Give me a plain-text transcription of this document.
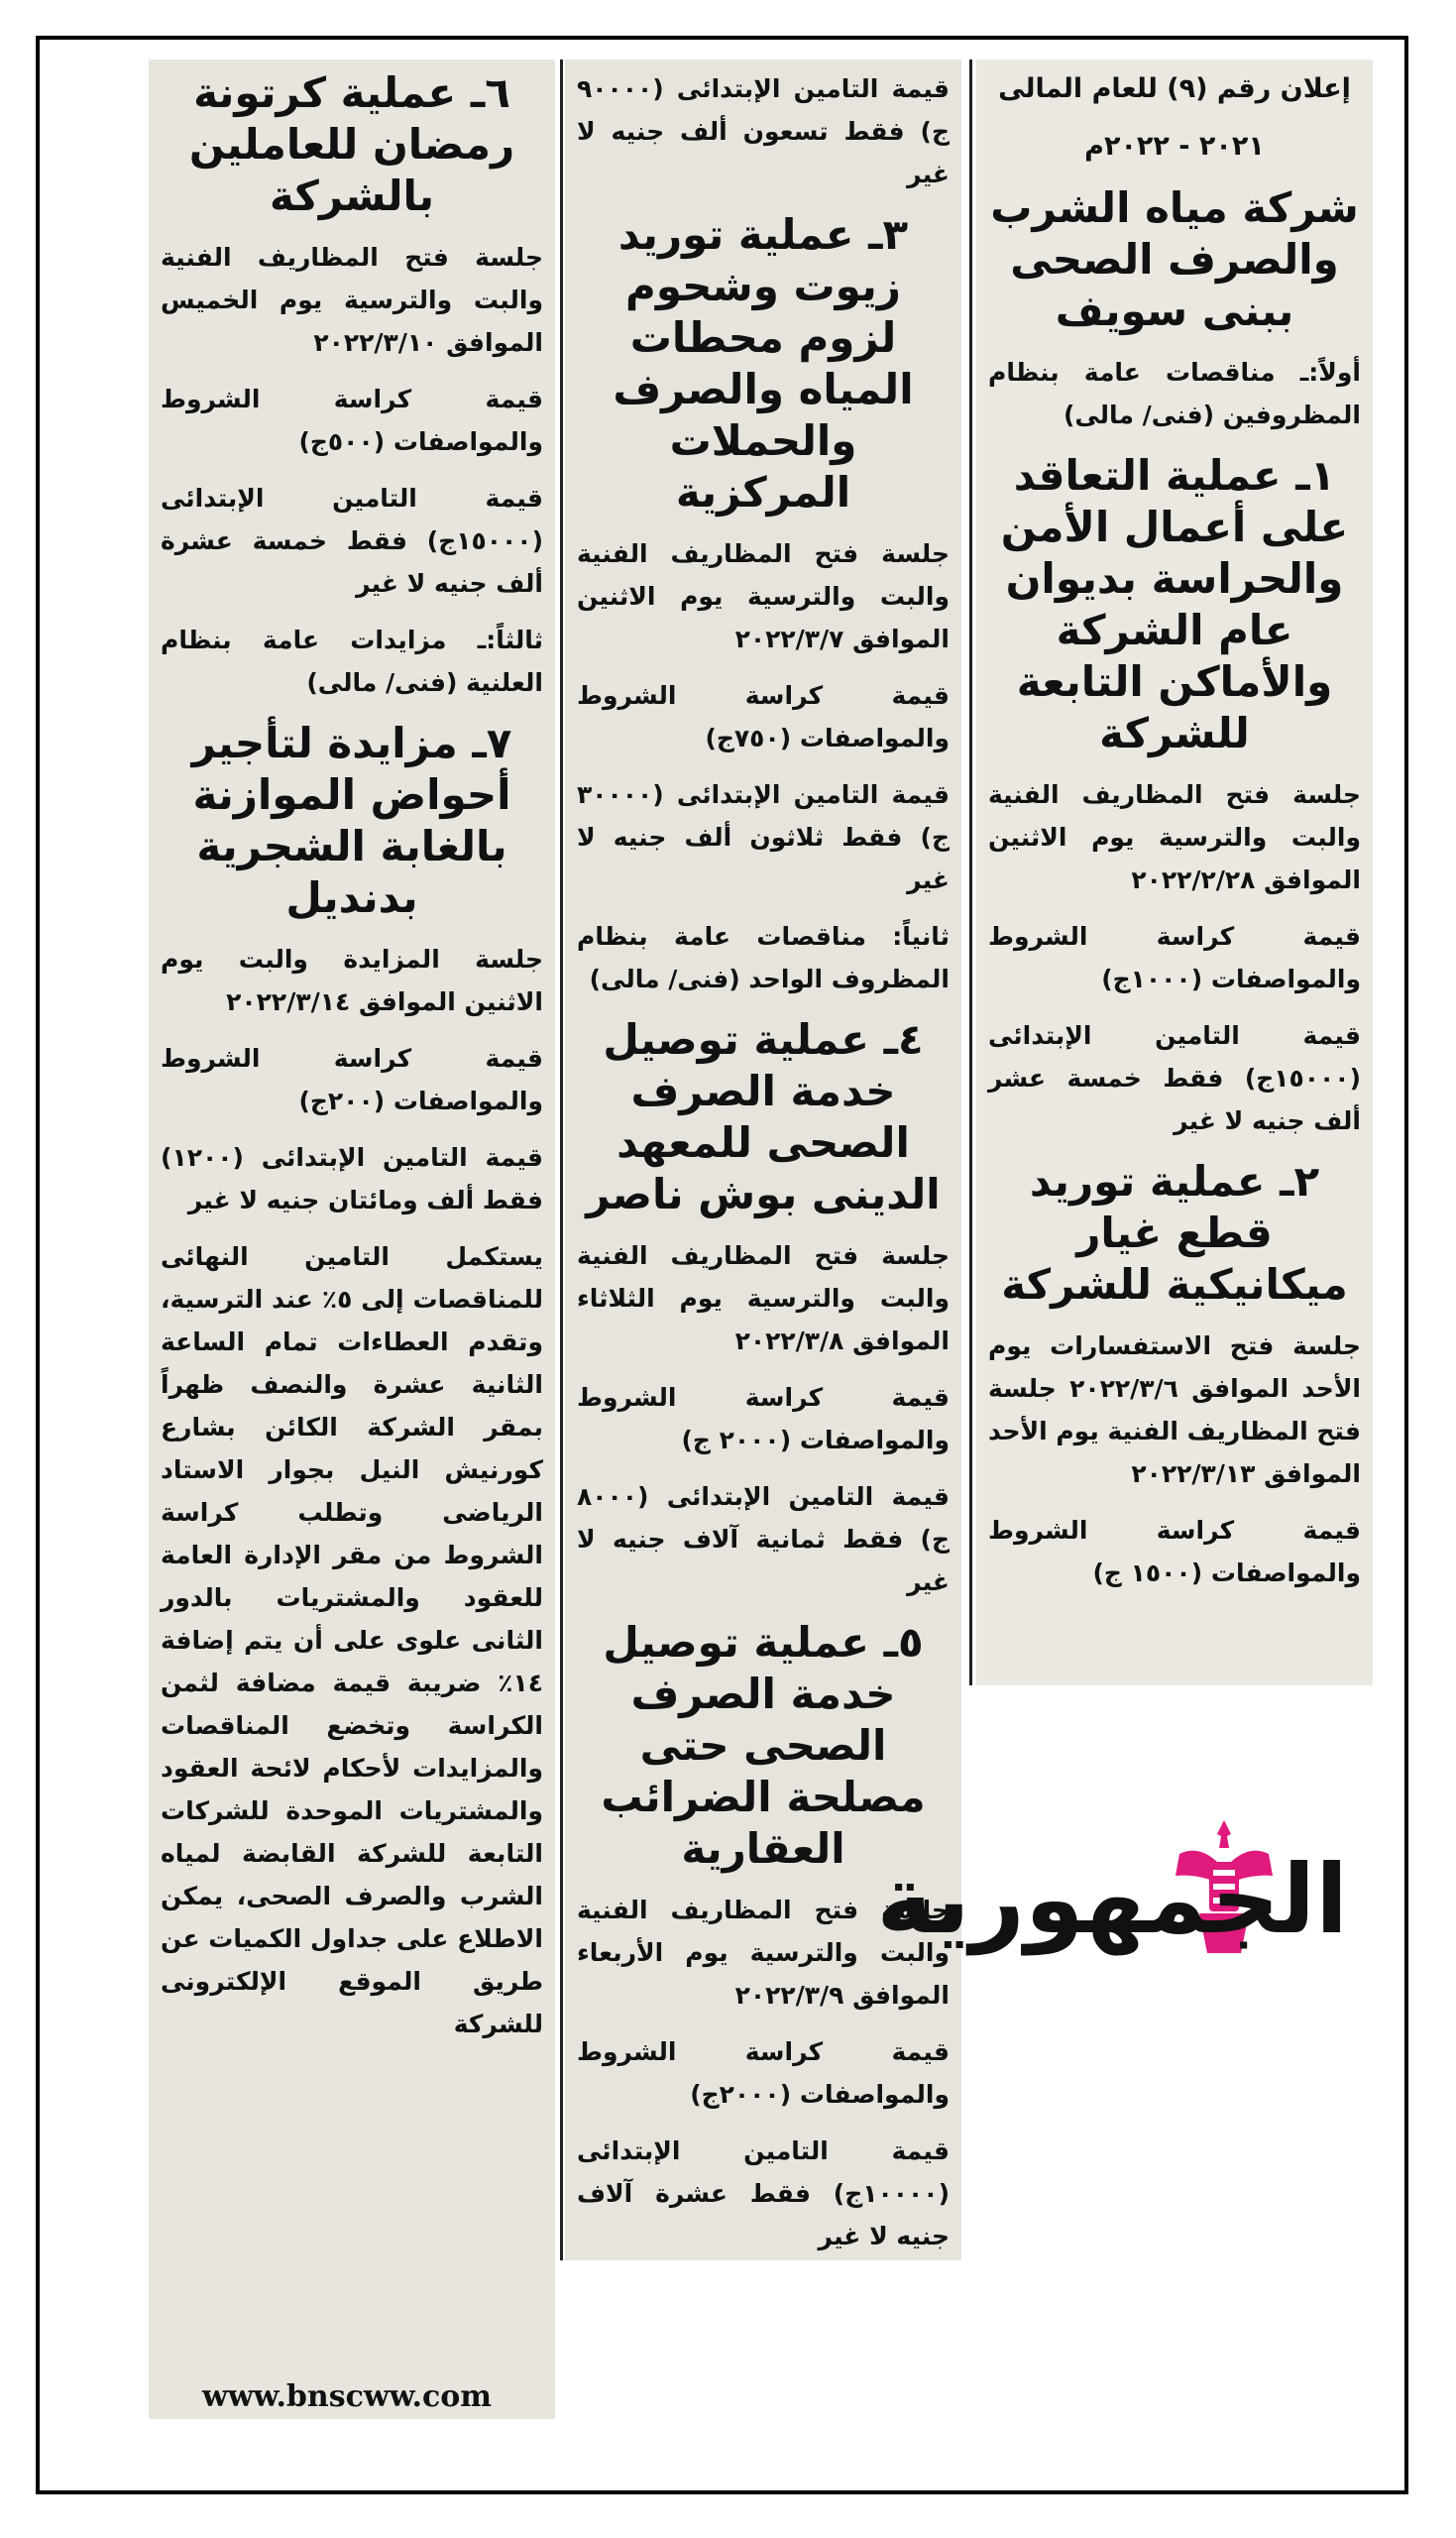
إعلان رقم (٩) للعام المالى

٢٠٢١ - ٢٠٢٢م

شركة مياه الشرب والصرف الصحى ببنى سويف

أولاً:ـ مناقصات عامة بنظام المظروفين (فنى/ مالى)

١ـ عملية التعاقد على أعمال الأمن والحراسة بديوان عام الشركة والأماكن التابعة للشركة

جلسة فتح المظاريف الفنية والبت والترسية يوم الاثنين الموافق ٢٠٢٢/٢/٢٨

قيمة كراسة الشروط والمواصفات (١٠٠٠ج)

قيمة التامين الإبتدائى (١٥٠٠٠ج) فقط خمسة عشر ألف جنيه لا غير

٢ـ عملية توريد قطع غيار ميكانيكية للشركة

جلسة فتح الاستفسارات يوم الأحد الموافق ٢٠٢٢/٣/٦ جلسة فتح المظاريف الفنية يوم الأحد الموافق ٢٠٢٢/٣/١٣

قيمة كراسة الشروط والمواصفات (١٥٠٠ ج)

قيمة التامين الإبتدائى (٩٠٠٠٠ ج) فقط تسعون ألف جنيه لا غير

٣ـ عملية توريد زيوت وشحوم لزوم محطات المياه والصرف والحملات المركزية

جلسة فتح المظاريف الفنية والبت والترسية يوم الاثنين الموافق ٢٠٢٢/٣/٧

قيمة كراسة الشروط والمواصفات (٧٥٠ج)

قيمة التامين الإبتدائى (٣٠٠٠٠ ج) فقط ثلاثون ألف جنيه لا غير

ثانياً: مناقصات عامة بنظام المظروف الواحد (فنى/ مالى)

٤ـ عملية توصيل خدمة الصرف الصحى للمعهد الدينى بوش ناصر

جلسة فتح المظاريف الفنية والبت والترسية يوم الثلاثاء الموافق ٢٠٢٢/٣/٨

قيمة كراسة الشروط والمواصفات (٢٠٠٠ ج)

قيمة التامين الإبتدائى (٨٠٠٠ ج) فقط ثمانية آلاف جنيه لا غير

٥ـ عملية توصيل خدمة الصرف الصحى حتى مصلحة الضرائب العقارية

جلسة فتح المظاريف الفنية والبت والترسية يوم الأربعاء الموافق ٢٠٢٢/٣/٩

قيمة كراسة الشروط والمواصفات (٢٠٠٠ج)

قيمة التامين الإبتدائى (١٠٠٠٠ج) فقط عشرة آلاف جنيه لا غير

٦ـ عملية كرتونة رمضان للعاملين بالشركة

جلسة فتح المظاريف الفنية والبت والترسية يوم الخميس الموافق ٢٠٢٢/٣/١٠

قيمة كراسة الشروط والمواصفات (٥٠٠ج)

قيمة التامين الإبتدائى (١٥٠٠٠ج) فقط خمسة عشرة ألف جنيه لا غير

ثالثاً:ـ مزايدات عامة بنظام العلنية (فنى/ مالى)

٧ـ مزايدة لتأجير أحواض الموازنة بالغابة الشجرية بدنديل

جلسة المزايدة والبت يوم الاثنين الموافق ٢٠٢٢/٣/١٤

قيمة كراسة الشروط والمواصفات (٢٠٠ج)

قيمة التامين الإبتدائى (١٢٠٠) فقط ألف ومائتان جنيه لا غير

يستكمل التامين النهائى للمناقصات إلى ٥٪ عند الترسية، وتقدم العطاءات تمام الساعة الثانية عشرة والنصف ظهراً بمقر الشركة الكائن بشارع كورنيش النيل بجوار الاستاد الرياضى وتطلب كراسة الشروط من مقر الإدارة العامة للعقود والمشتريات بالدور الثانى علوى على أن يتم إضافة ١٤٪ ضريبة قيمة مضافة لثمن الكراسة وتخضع المناقصات والمزايدات لأحكام لائحة العقود والمشتريات الموحدة للشركات التابعة للشركة القابضة لمياه الشرب والصرف الصحى، يمكن الاطلاع على جداول الكميات عن طريق الموقع الإلكترونى للشركة

www.bnscww.com
الجمهورية
